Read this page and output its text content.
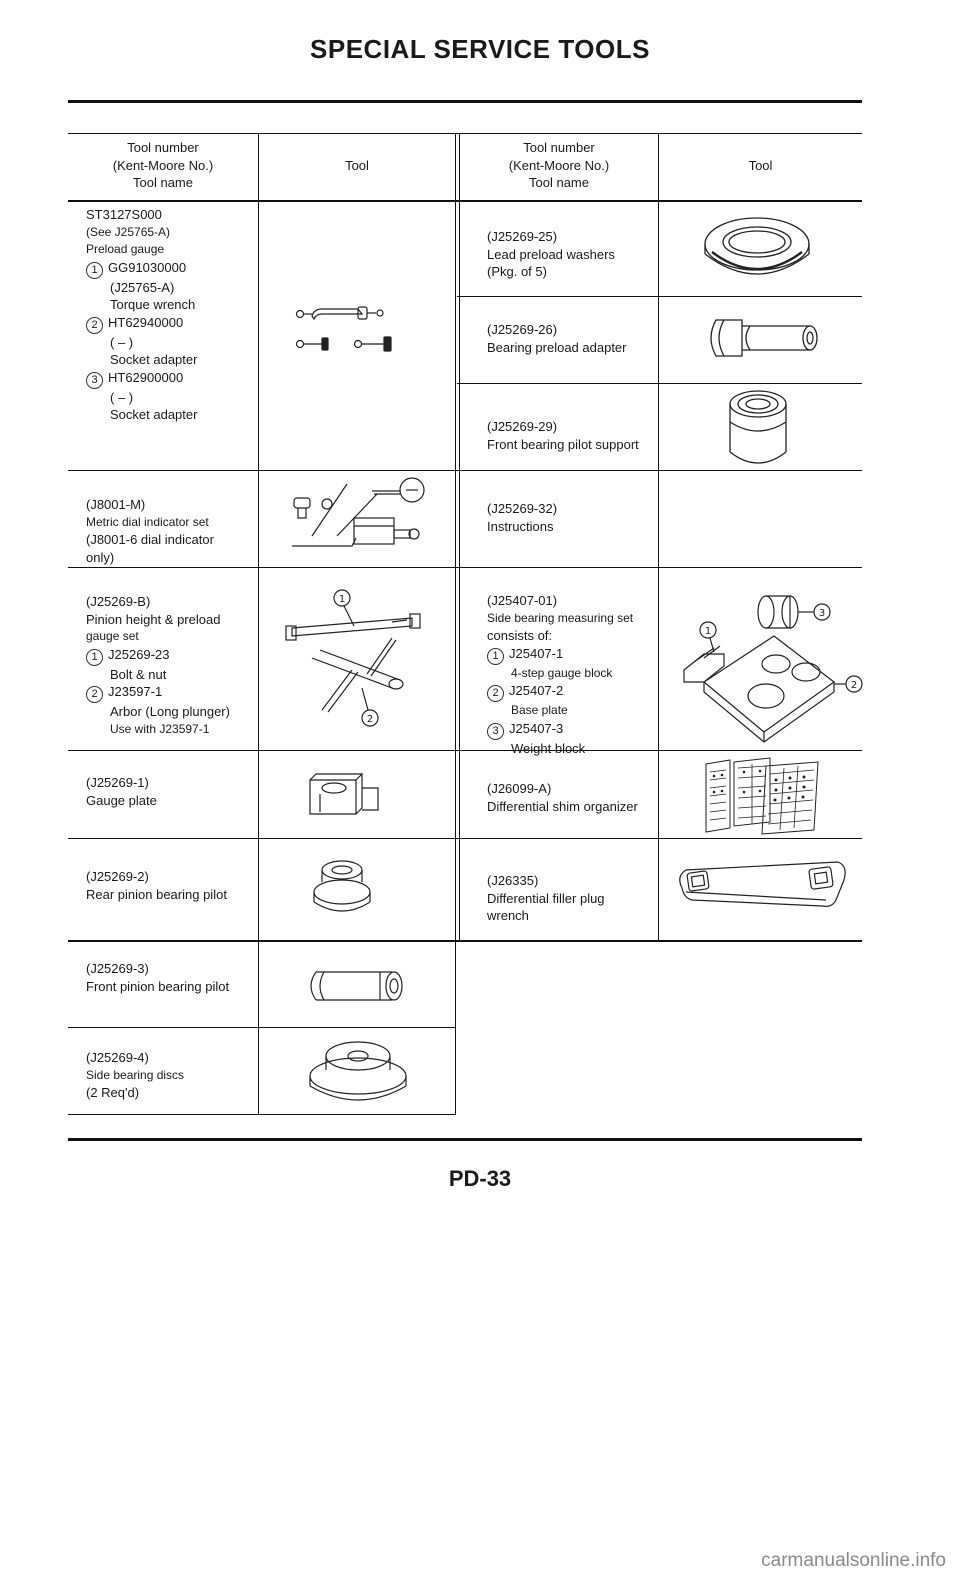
SPECIAL SERVICE TOOLS
Tool number
(Kent-Moore No.)
Tool name
Tool
Tool number
(Kent-Moore No.)
Tool name
Tool
ST3127S000
(See J25765-A)
Preload gauge
1 GG91030000
(J25765-A)
Torque wrench
2 HT62940000
( – )
Socket adapter
3 HT62900000
( – )
Socket adapter
(J8001-M)
Metric dial indicator set
(J8001-6 dial indicator
only)
(J25269-B)
Pinion height & preload
gauge set
1 J25269-23
Bolt & nut
2 J23597-1
Arbor (Long plunger)
Use with J23597-1
(J25269-1)
Gauge plate
(J25269-2)
Rear pinion bearing pilot
(J25269-3)
Front pinion bearing pilot
(J25269-4)
Side bearing discs
(2 Req'd)
(J25269-25)
Lead preload washers
(Pkg. of 5)
(J25269-26)
Bearing preload adapter
(J25269-29)
Front bearing pilot support
(J25269-32)
Instructions
(J25407-01)
Side bearing measuring set
consists of:
1 J25407-1
4-step gauge block
2 J25407-2
Base plate
3 J25407-3
Weight block
(J26099-A)
Differential shim organizer
(J26335)
Differential filler plug
wrench
1
2
3
1
2
PD-33
carmanualsonline.info
